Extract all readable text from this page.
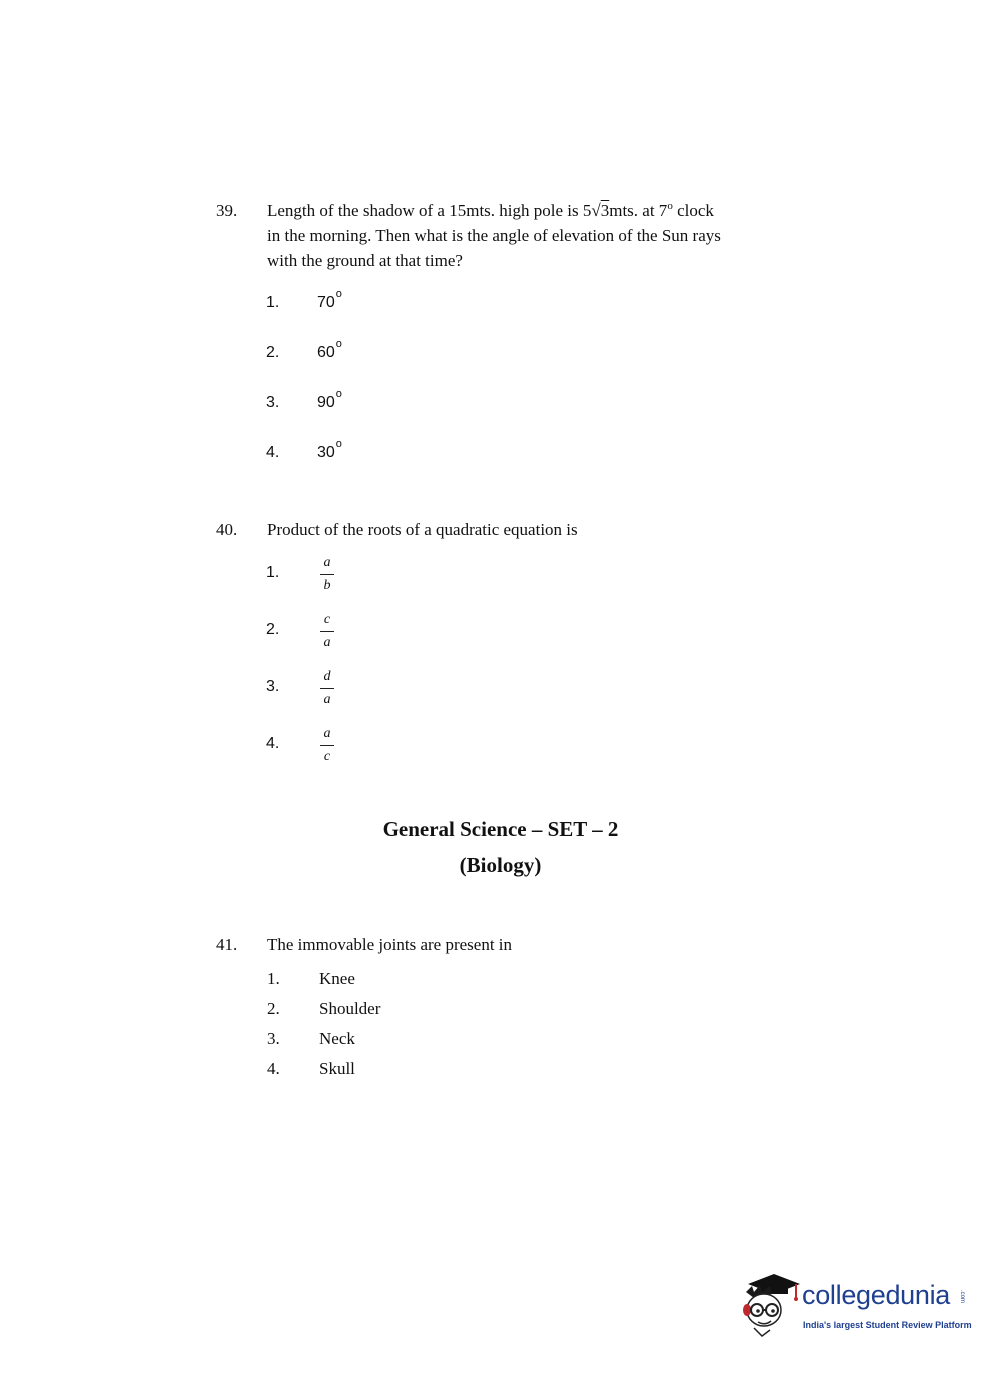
39. Length of the shadow of a 15mts. high pole is 5√3mts. at 7$^o$ clock
in the morning. Then what is the angle of elevation of the Sun rays
with the ground at that time?
1. 70$^o$
2. 60$^o$
3. 90$^o$
4. 30$^o$
40. Product of the roots of a quadratic equation is
1.
a
b
2.
c
a
3.
d
a
4.
a
c
General Science – SET – 2
(Biology)
41. The immovable joints are present in
1. Knee
2. Shoulder
3. Neck
4. Skull
collegedunia .com
India's largest Student Review Platform
